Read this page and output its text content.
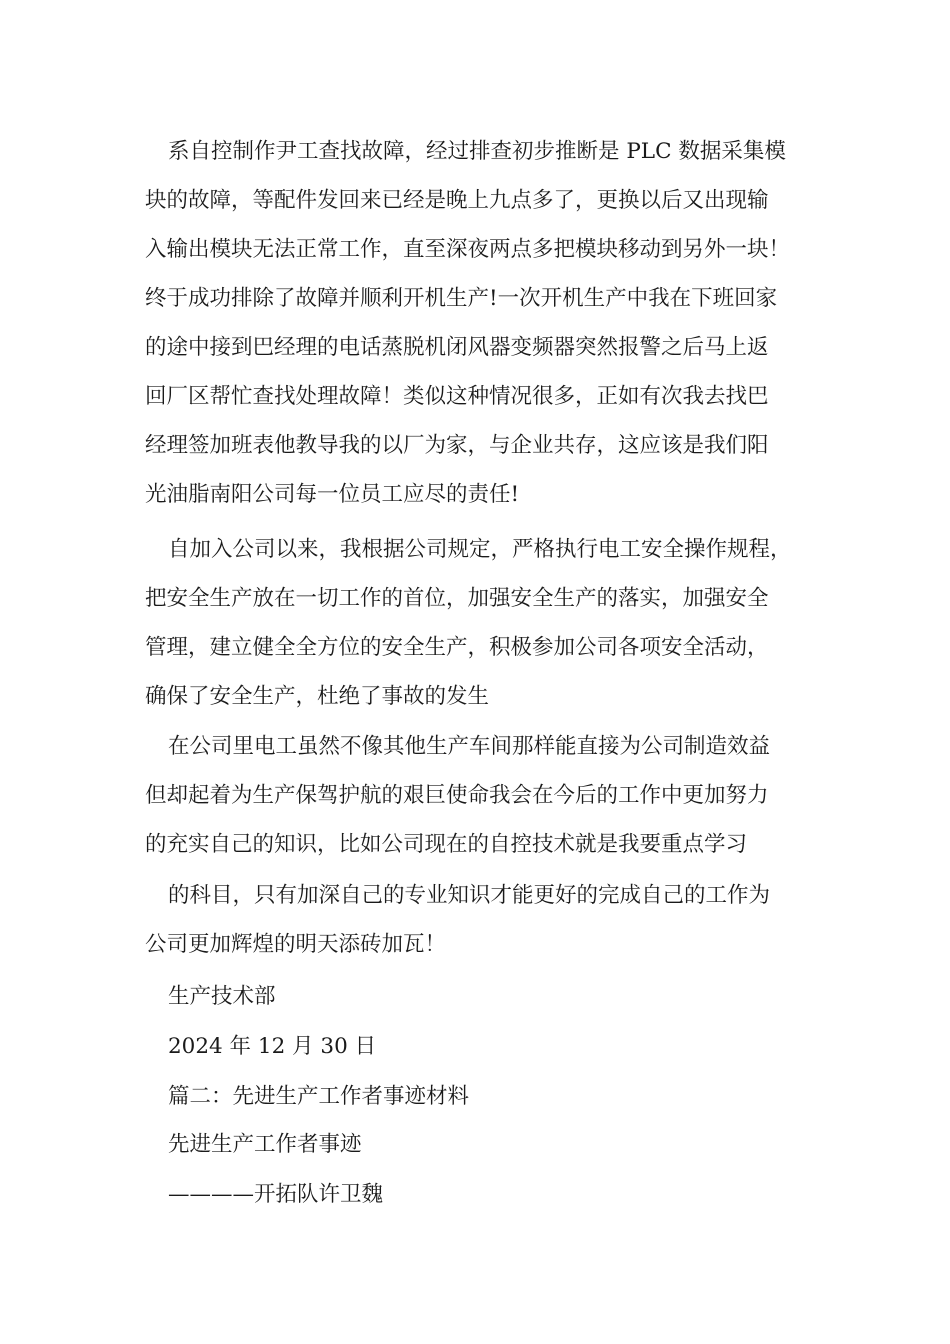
系自控制作尹工查找故障，经过排查初步推断是 PLC 数据采集模
块的故障，等配件发回来已经是晚上九点多了，更换以后又出现输
入输出模块无法正常工作，直至深夜两点多把模块移动到另外一块！
终于成功排除了故障并顺利开机生产!一次开机生产中我在下班回家
的途中接到巴经理的电话蒸脱机闭风器变频器突然报警之后马上返
回厂区帮忙查找处理故障！类似这种情况很多，正如有次我去找巴
经理签加班表他教导我的以厂为家，与企业共存，这应该是我们阳
光油脂南阳公司每一位员工应尽的责任!
自加入公司以来，我根据公司规定，严格执行电工安全操作规程，
把安全生产放在一切工作的首位，加强安全生产的落实，加强安全
管理，建立健全全方位的安全生产，积极参加公司各项安全活动，
确保了安全生产，杜绝了事故的发生
在公司里电工虽然不像其他生产车间那样能直接为公司制造效益
但却起着为生产保驾护航的艰巨使命我会在今后的工作中更加努力
的充实自己的知识，比如公司现在的自控技术就是我要重点学习
的科目，只有加深自己的专业知识才能更好的完成自己的工作为
公司更加辉煌的明天添砖加瓦！
生产技术部
2024 年 12 月 30 日
篇二：先进生产工作者事迹材料
先进生产工作者事迹
————开拓队许卫魏
